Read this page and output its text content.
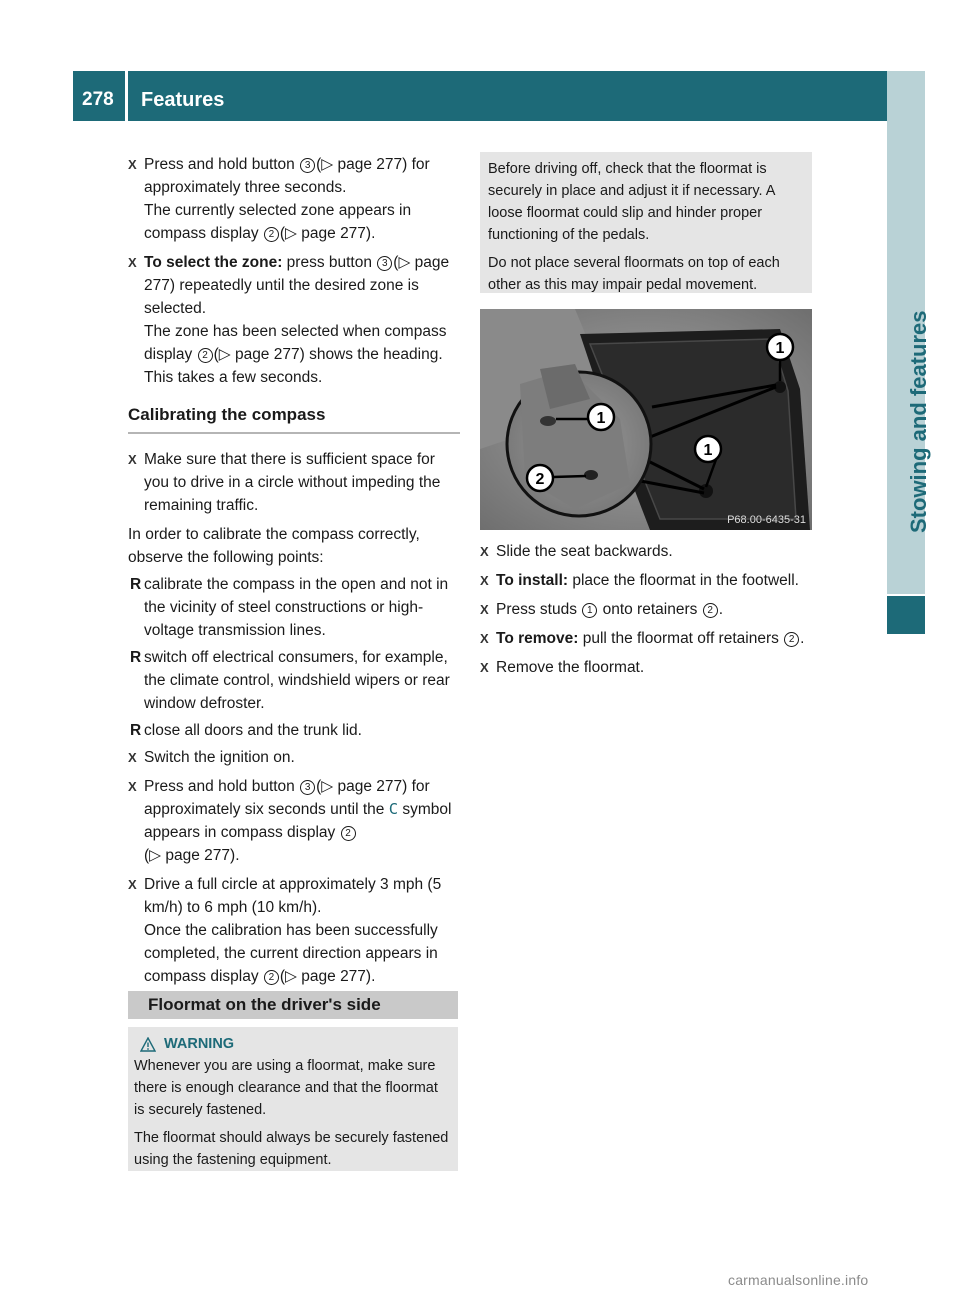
278 Features
Stowing and features
X Press and hold button 3 (▷ page 277) for approximately three seconds.
The currently selected zone appears in compass display 2 (▷ page 277).
X To select the zone: press button 3 (▷ page 277) repeatedly until the desired zone is selected.
The zone has been selected when compass display 2 (▷ page 277) shows the heading. This takes a few seconds.
Calibrating the compass
X Make sure that there is sufficient space for you to drive in a circle without impeding the remaining traffic.

In order to calibrate the compass correctly, observe the following points:

R calibrate the compass in the open and not in the vicinity of steel constructions or high-voltage transmission lines.
R switch off electrical consumers, for example, the climate control, windshield wipers or rear window defroster.
R close all doors and the trunk lid.
X Switch the ignition on.
X Press and hold button 3 (▷ page 277) for approximately six seconds until the C symbol appears in compass display 2
(▷ page 277).
X Drive a full circle at approximately 3 mph (5 km/h) to 6 mph (10 km/h).
Once the calibration has been successfully completed, the current direction appears in compass display 2 (▷ page 277).
Floormat on the driver's side
WARNING

Whenever you are using a floormat, make sure there is enough clearance and that the floormat is securely fastened.

The floormat should always be securely fastened using the fastening equipment.

Before driving off, check that the floormat is securely in place and adjust it if necessary. A loose floormat could slip and hinder proper functioning of the pedals.

Do not place several floormats on top of each other as this may impair pedal movement.

1
1
1
2
P68.00-6435-31
X Slide the seat backwards.
X To install: place the floormat in the footwell.
X Press studs 1 onto retainers 2 .
X To remove: pull the floormat off retainers 2 .
X Remove the floormat.
carmanualsonline.info
